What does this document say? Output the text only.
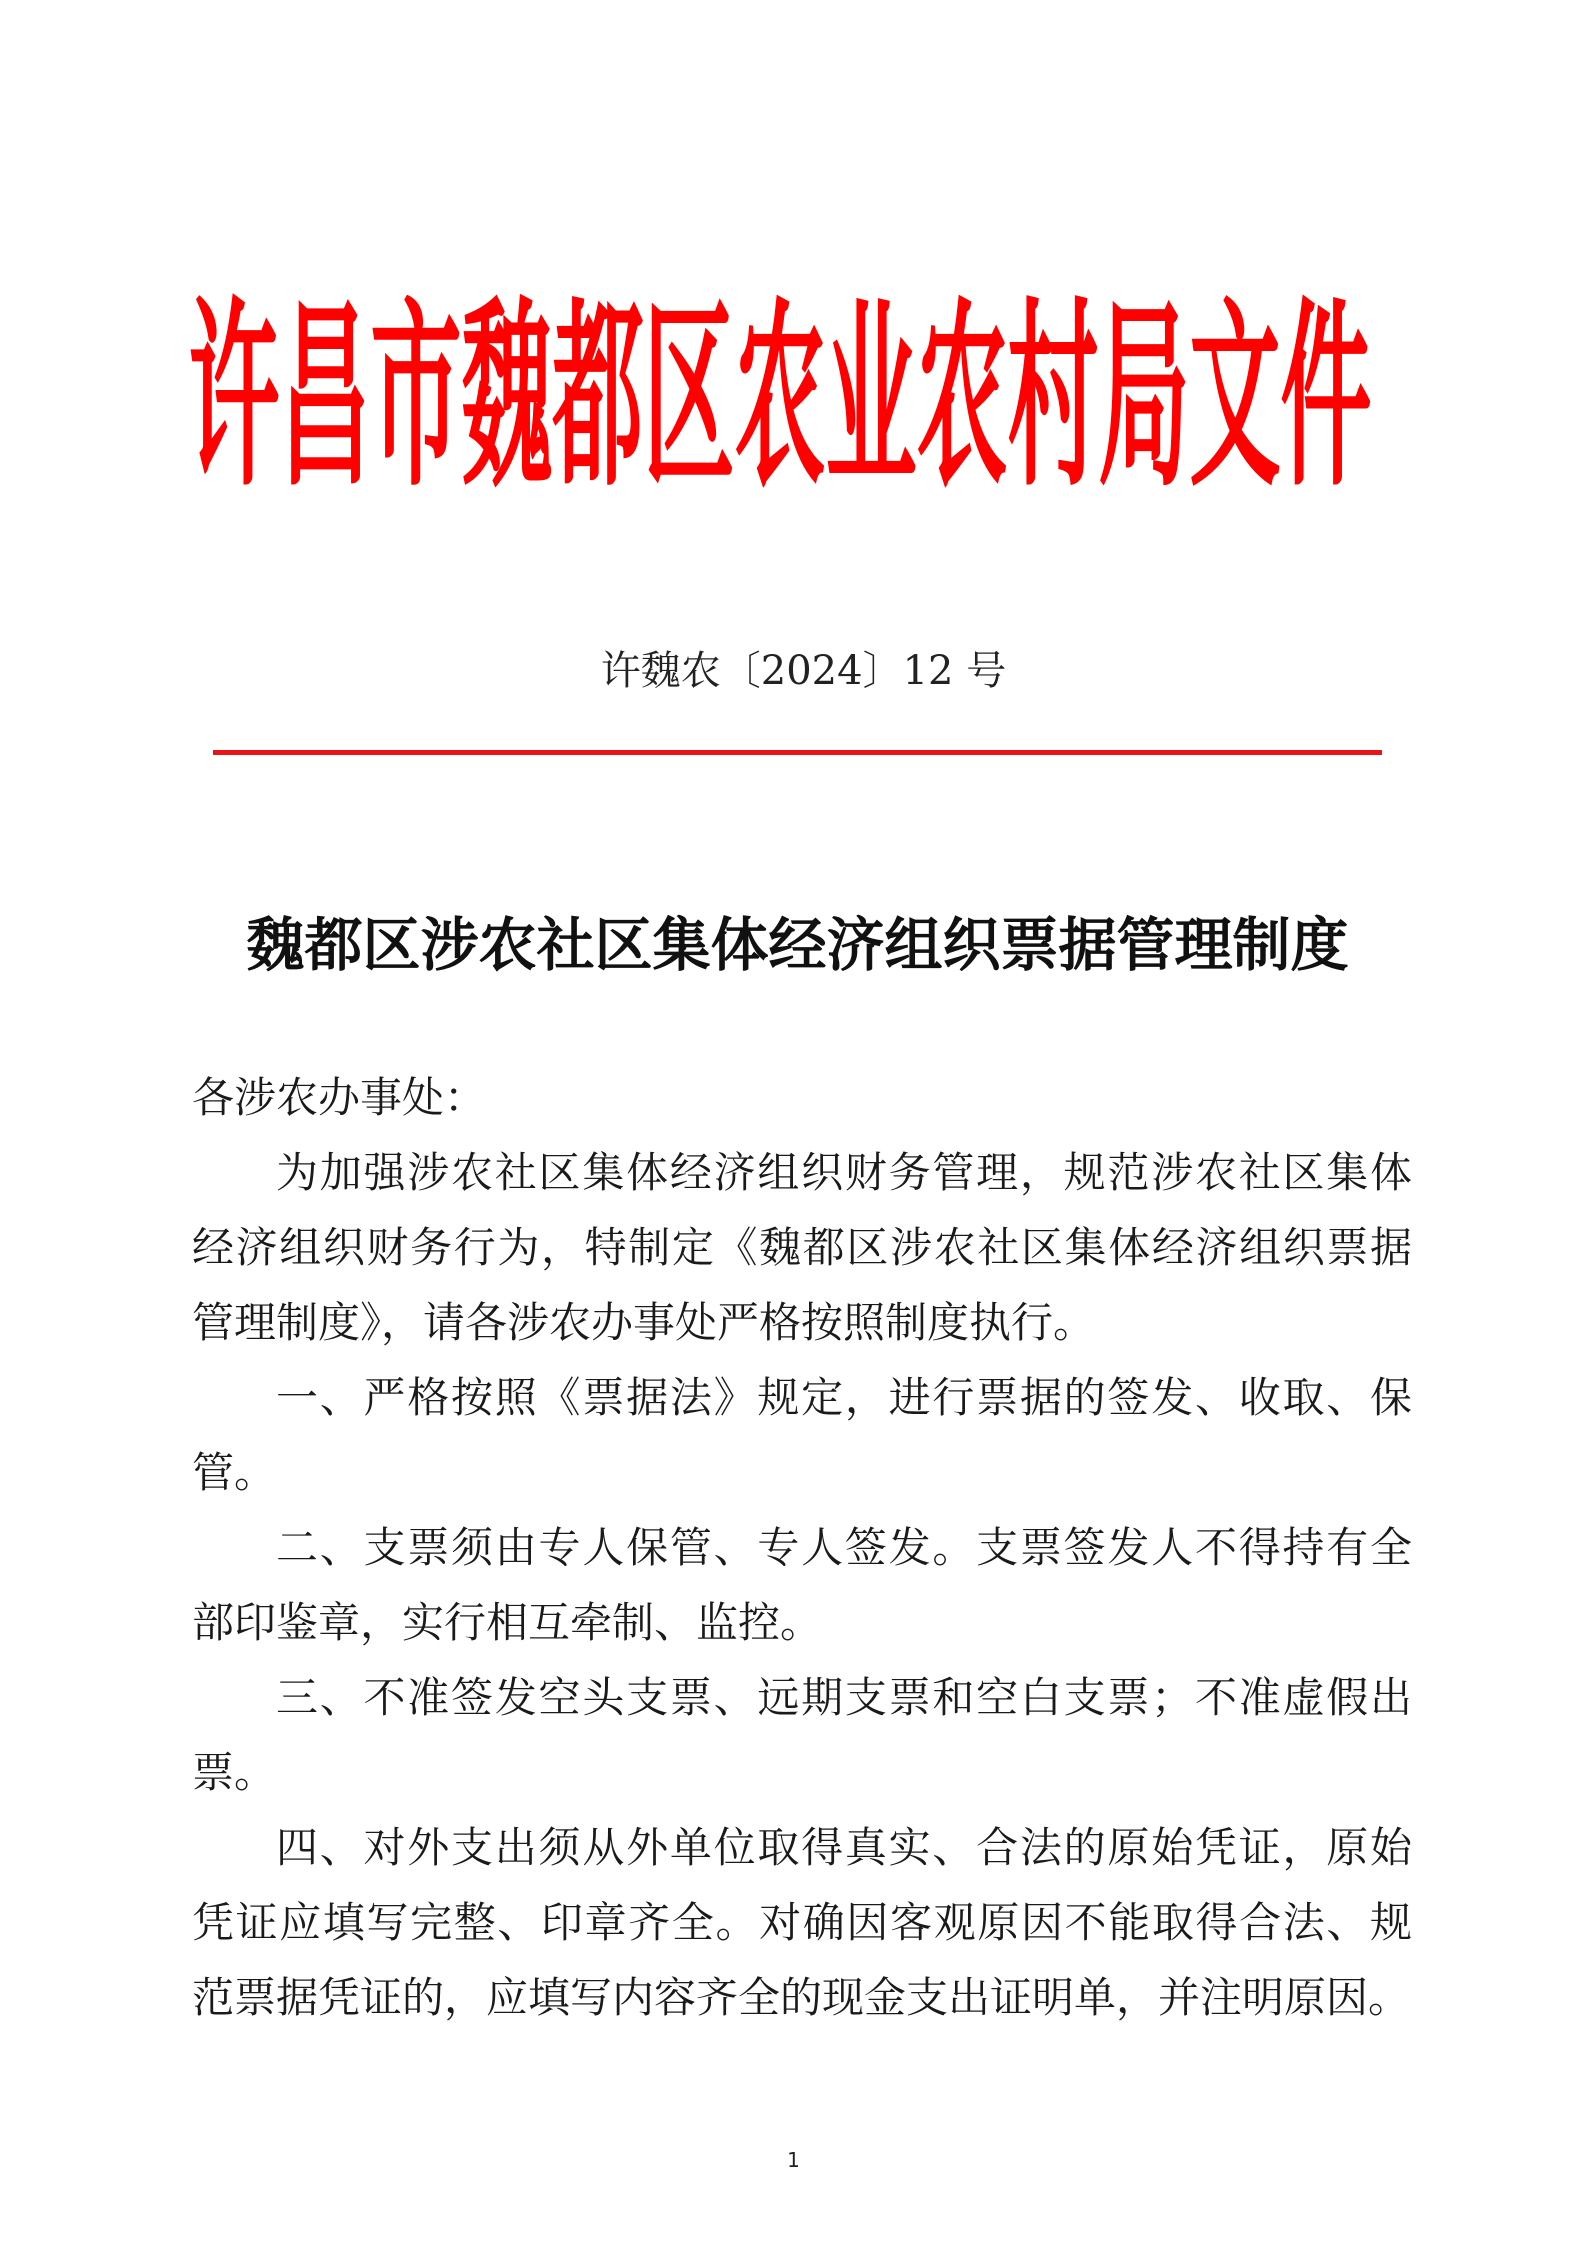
许昌市魏都区农业农村局文件
许魏农〔2024〕12 号
魏都区涉农社区集体经济组织票据管理制度
各涉农办事处：
为加强涉农社区集体经济组织财务管理，规范涉农社区集体
经济组织财务行为，特制定《魏都区涉农社区集体经济组织票据
管理制度》，请各涉农办事处严格按照制度执行。
一、严格按照《票据法》规定，进行票据的签发、收取、保
管。
二、支票须由专人保管、专人签发。支票签发人不得持有全
部印鉴章，实行相互牵制、监控。
三、不准签发空头支票、远期支票和空白支票；不准虚假出
票。
四、对外支出须从外单位取得真实、合法的原始凭证，原始
凭证应填写完整、印章齐全。对确因客观原因不能取得合法、规
范票据凭证的，应填写内容齐全的现金支出证明单，并注明原因。
1
